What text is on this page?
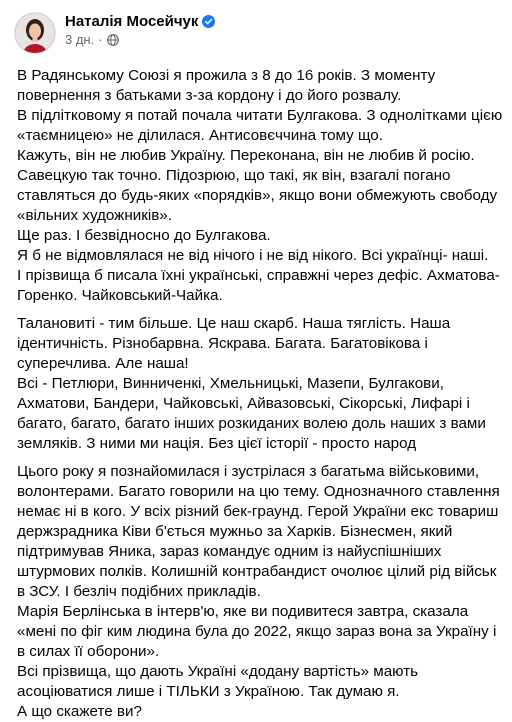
Наталія Мосейчук
3 дн. ·

В Радянському Союзі я прожила з 8 до 16 років. З моменту повернення з батьками з-за кордону і до його розвалу.

В підлітковому я потай почала читати Булгакова. З однолітками цією «таємницею» не ділилася. Антисовєччина тому що.

Кажуть, він не любив Україну. Переконана, він не любив й росію. Савецкую так точно. Підозрюю, що такі, як він, взагалі погано ставляться до будь-яких «порядків», якщо вони обмежують свободу «вільних художників».

Ще раз. І безвідносно до Булгакова.

Я б не відмовлялася не від нічого і не від нікого. Всі українці- наші.

І прізвища б писала їхні українські, справжні через дефіс. Ахматова-Горенко. Чайковський-Чайка.

Талановиті - тим більше. Це наш скарб. Наша тяглість. Наша ідентичність. Різнобарвна. Яскрава. Багата. Багатовікова і суперечлива. Але наша!

Всі - Петлюри, Винниченкі, Хмельницькі, Мазепи, Булгакови, Ахматови, Бандери, Чайковські, Айвазовські, Сікорські, Лифарі і багато, багато, багато інших розкиданих волею доль наших з вами земляків. З ними ми нація. Без цієї історії - просто народ

Цього року я познайомилася і зустрілася з багатьма військовими, волонтерами. Багато говорили на цю тему. Однозначного ставлення немає ні в кого. У всіх різний бек-граунд. Герой України екс товариш держзрадника Ківи б'ється мужньо за Харків. Бізнесмен, який підтримував Яника, зараз командує одним із найуспішніших штурмових полків. Колишній контрабандист очолює цілий рід військ в ЗСУ. І безліч подібних прикладів.

Марія Берлінська в інтерв'ю, яке ви подивитеся завтра, сказала «мені по фіг ким людина була до 2022, якщо зараз вона за Україну і в силах її оборони».

Всі прізвища, що дають Україні «додану вартість» мають асоціюватися лише і ТІЛЬКИ з Україною. Так думаю я.

А що скажете ви?
